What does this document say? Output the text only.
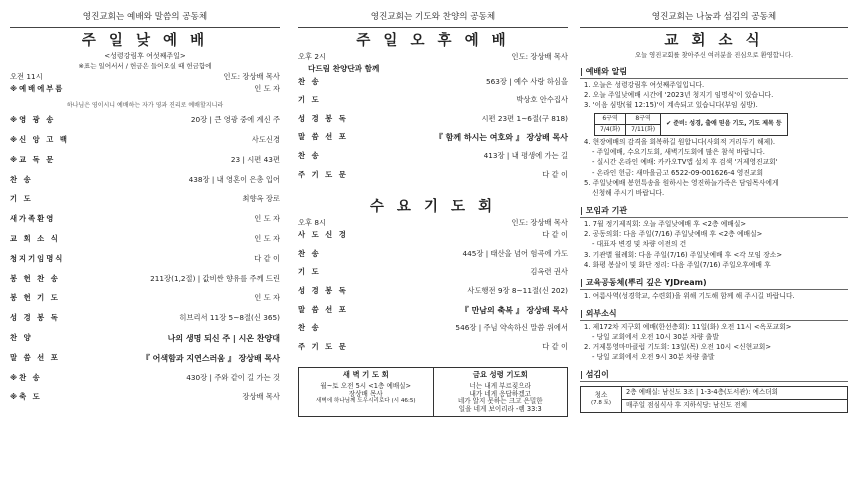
영진교회는 예배와 말씀의 공동체
주 일 낮 예 배
<성령강림후 여섯째주일>
※표는 일어서서 / 헌금은 들어오실 때 헌금함에
오전 11시	인도: 장상배 목사
※예배에부름	인 도 자
하나님은 영이시니 예배하는 자가 영과 진리로 예배할지니라
※영 광 송	20장 | 큰 영광 중에 계신 주
※신 앙 고 백	사도신경
※교 독 문	23 | 시편 43편
찬 송	438장 | 내 영혼이 은총 입어
기 도	최향옥 장로
새가족환영	인 도 자
교 회 소 식	인 도 자
청지기임명식	다 같 이
봉 헌 찬 송	211장(1,2절) | 값비싼 향유를 주께 드린
봉 헌 기 도	인 도 자
성 경 봉 독	히브리서 11장 5~8절(신 365)
찬 양	나의 생명 되신 주 | 시온 찬양대
말 씀 선 포	『 어색함과 지연스러움 』 장상배 목사
※찬 송	430장 | 주와 같이 길 가는 것
※축 도	장상배 목사
영진교회는 기도와 찬양의 공동체
주 일 오 후 예 배
오후 2시	인도: 장상배 목사
다드림 찬양단과 함께
찬 송	563장 | 예수 사랑 하심을
기 도	박상호 안수집사
성 경 봉 독	시편 23편 1~6절(구 818)
말 씀 선 포	『 함께 하시는 여호와 』 장상배 목사
찬 송	413장 | 내 평생에 가는 길
주 기 도 문	다 같 이
수 요 기 도 회
오후 8시	인도: 장상배 목사
사 도 신 경	다 같 이
찬 송	445장 | 태산을 넘어 험곡에 가도
기 도	김옥련 권사
성 경 봉 독	사도행전 9장 8~11절(신 202)
말 씀 선 포	『 만남의 축복 』 장상배 목사
찬 송	546장 | 주님 약속하신 말씀 위에서
주 기 도 문	다 같 이
새 벽 기 도 회
월~토 오전 5시 <1층 예배실>
장상배 목사
새벽에 하나님께 도우시리로다 (시 46:5)
금요 성령 기도회
너는 내게 부르짖으라
내가 네게 응답하겠고
네가 알지 못하는 크고 은밀한
일을 네게 보이리라 -렘 33:3
영진교회는 나눔과 섬김의 공동체
교 회 소 식
오늘 영진교회를 찾아주신 여러분을 진심으로 환영합니다.
| 예배와 알림
1. 오늘은 성령강림후 여섯째주일입니다.
2. 오늘 주일낮예배 시간에 '2023년 청지기 임명식'이 있습니다.
3. '이음 심방(월 12:15)'이 계속되고 있습니다(부임 심방).
6구역	8구역	✔ 준비: 성경, 출애 믿음 기도, 기도 제목 등
7/4(화)	7/11(화)	
4. 현장예배의 감격을 회복하길 원합니다(사회적 거리두기 해제).
- 주일예배, 수요기도회, 새벽기도회에 많은 참석 바랍니다.
- 실시간 온라인 예배: 카카오TV앱 설치 후 검색 '거제영진교회'
- 온라인 헌금: 새마을금고 6522-09-001626-4 영진교회
5. 주일낮예배 봉헌특송을 원하시는 영진하늘가족은 담임목사에게
신청해 주시기 바랍니다.
| 모임과 기관
1. 7월 정기제직회: 오늘 주일낮예배 후 <2층 예배실>
2. 공동의회: 다음 주일(7/16) 주일낮예배 후 <2층 예배실>
- 대표자 변경 및 차량 이전의 건
3. 기관별 월례회: 다음 주일(7/16) 주일낮예배 후 <각 모임 장소>
4. 화평 봉살이 및 화단 정리: 다음 주일(7/16) 주일오후예배 후
| 교육공동체(뿌리 깊은 YJDream)
1. 여름사역(성경학교, 수련회)을 위해 기도해 함께 해 주시길 바랍니다.
| 외부소식
1. 제172차 지구회 예배(한선층회): 11일(화) 오전 11시 <옥포교회>
- 당일 교회에서 오전 10시 30분 차량 출발
2. 거제통영마마클럽 기도회: 13일(목) 오전 10시 <신현교회>
- 당일 교회에서 오전 9시 30분 차량 출발
| 섬김이
청소
(7.8 토)
2층 예배실: 남신도 3조 | 1-3-4층(도서관): 예스더회
매주일 점심식사 후 지하식당: 남신도 전체
